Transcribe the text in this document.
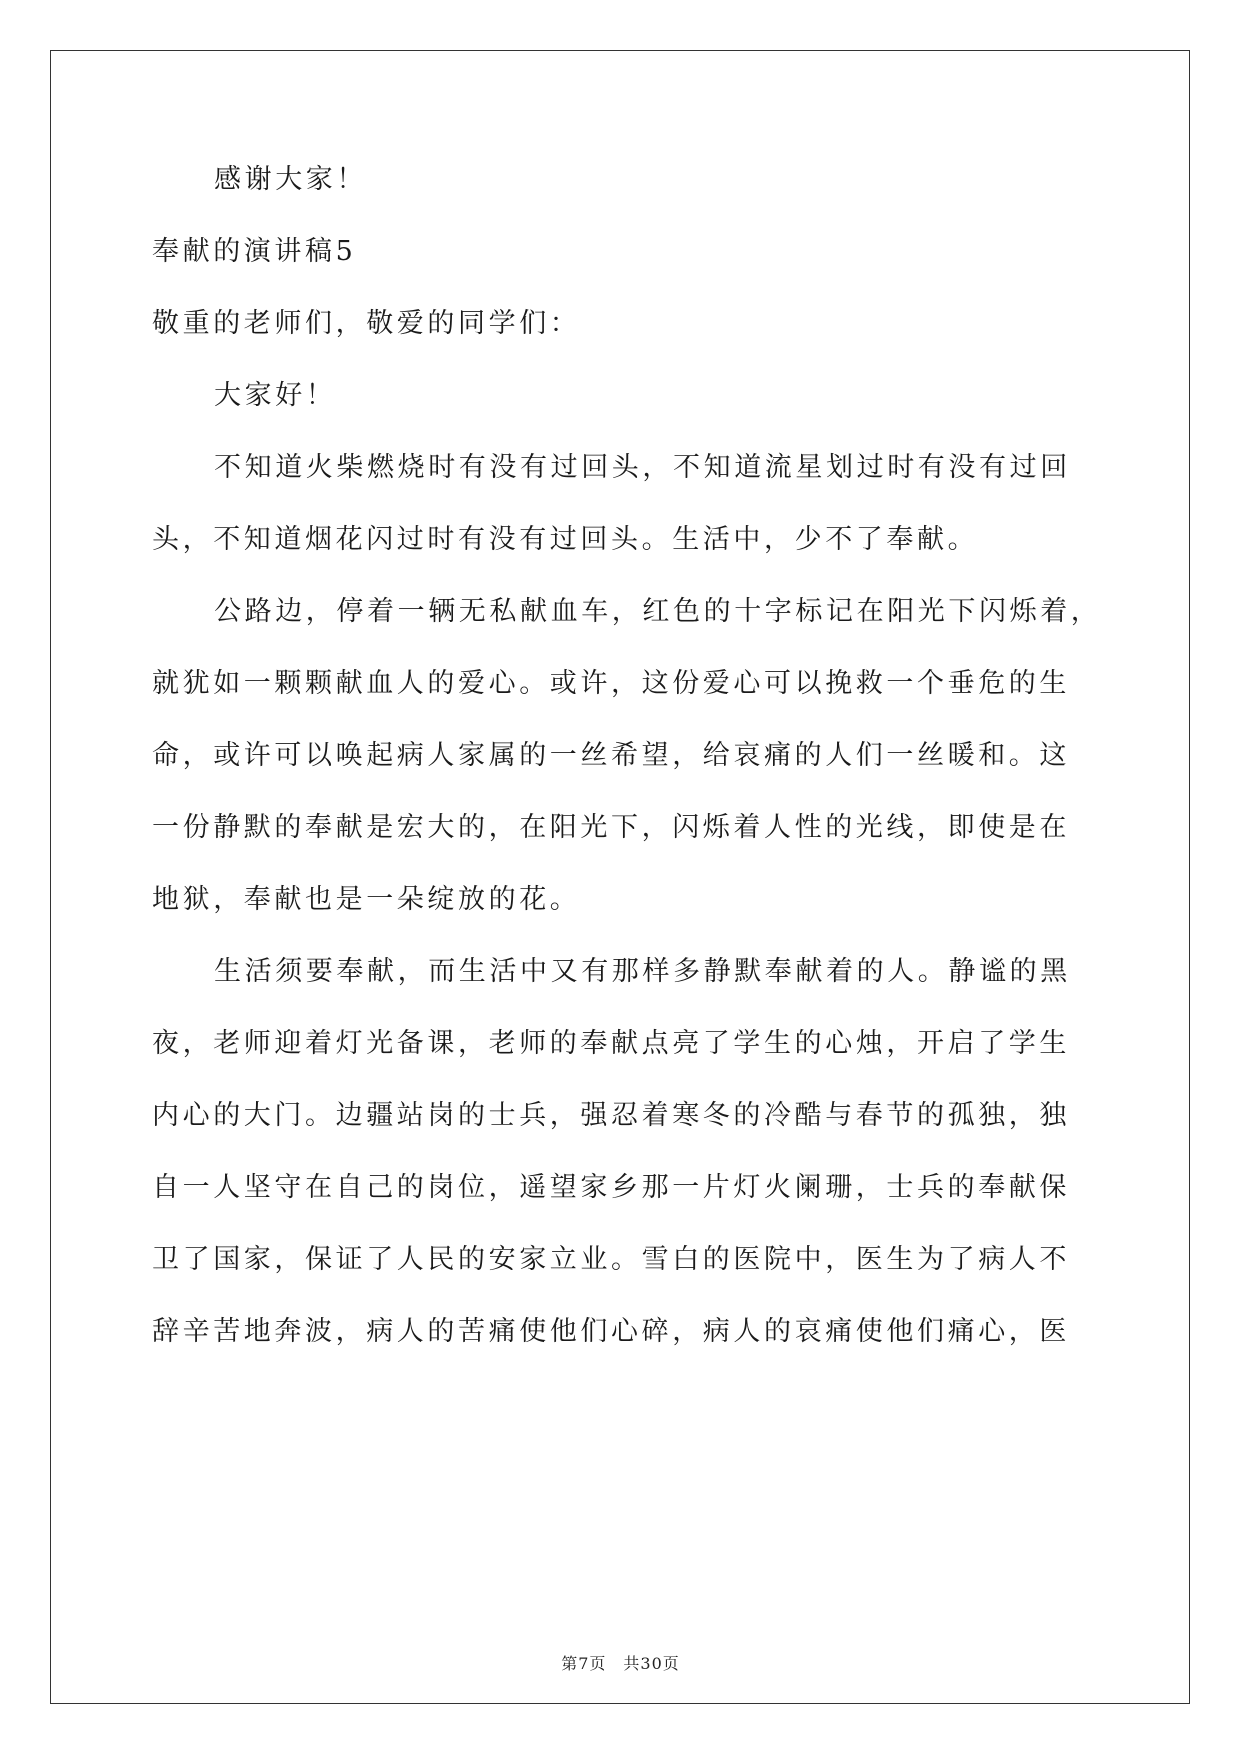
感谢大家！
奉献的演讲稿5
敬重的老师们，敬爱的同学们：
大家好！
不知道火柴燃烧时有没有过回头，不知道流星划过时有没有过回
头，不知道烟花闪过时有没有过回头。生活中，少不了奉献。
公路边，停着一辆无私献血车，红色的十字标记在阳光下闪烁着，
就犹如一颗颗献血人的爱心。或许，这份爱心可以挽救一个垂危的生
命，或许可以唤起病人家属的一丝希望，给哀痛的人们一丝暖和。这
一份静默的奉献是宏大的，在阳光下，闪烁着人性的光线，即使是在
地狱，奉献也是一朵绽放的花。
生活须要奉献，而生活中又有那样多静默奉献着的人。静谧的黑
夜，老师迎着灯光备课，老师的奉献点亮了学生的心烛，开启了学生
内心的大门。边疆站岗的士兵，强忍着寒冬的冷酷与春节的孤独，独
自一人坚守在自己的岗位，遥望家乡那一片灯火阑珊，士兵的奉献保
卫了国家，保证了人民的安家立业。雪白的医院中，医生为了病人不
辞辛苦地奔波，病人的苦痛使他们心碎，病人的哀痛使他们痛心，医
第7页　共30页
